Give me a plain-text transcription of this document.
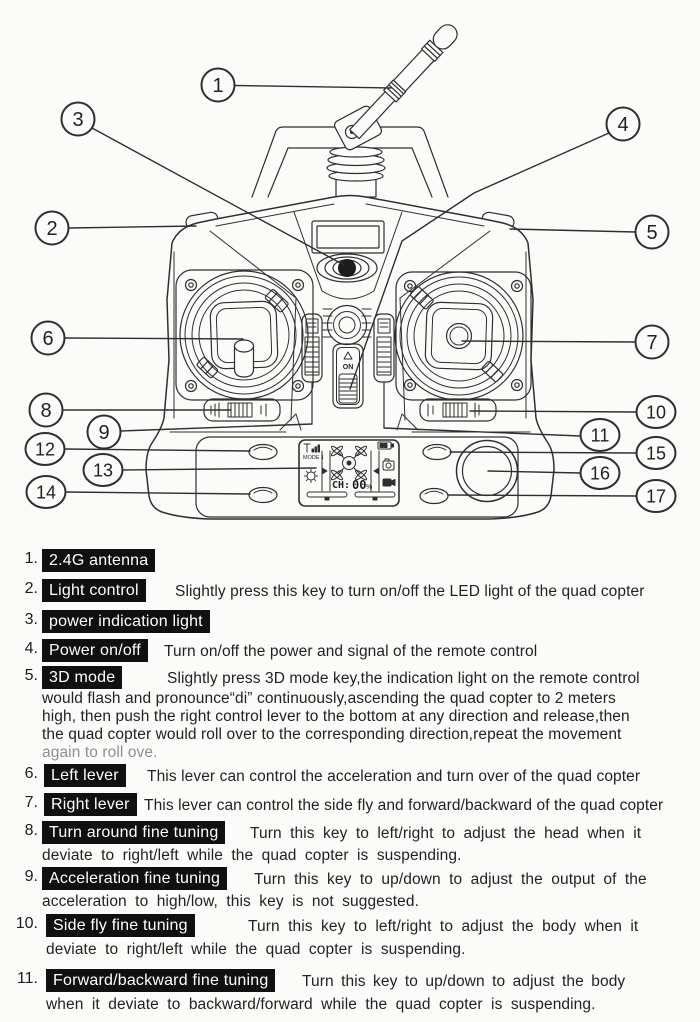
ON
MODE 1
CH: 00 %
1
2
3	4
5
6	7
8
9
10
11
12
13
14
15
16
17
1. 2.4G antenna
2. Light control	Slightly press this key to turn on/off the LED light of the quad copter
3. power indication light
4. Power on/off	Turn on/off the power and signal of the remote control
5. 3D mode	Slightly press 3D mode key,the indication light on the remote control
would flash and pronounce“di” continuously,ascending the quad copter to 2 meters
high, then push the right control lever to the bottom at any direction and release,then
the quad copter would roll over to the corresponding direction,repeat the movement
again to roll ove.
6. Left lever	This lever can control the acceleration and turn over of the quad copter
7. Right lever This lever can control the side fly and forward/backward of the quad copter
8. Turn around fine tuning	Turn this key to left/right to adjust the head when it
deviate to right/left while the quad copter is suspending.
9. Acceleration fine tuning	Turn this key to up/down to adjust the output of the
acceleration to high/low, this key is not suggested.
10. Side fly fine tuning	Turn this key to left/right to adjust the body when it
deviate to right/left while the quad copter is suspending.
11. Forward/backward fine tuning	Turn this key to up/down to adjust the body
when it deviate to backward/forward while the quad copter is suspending.
